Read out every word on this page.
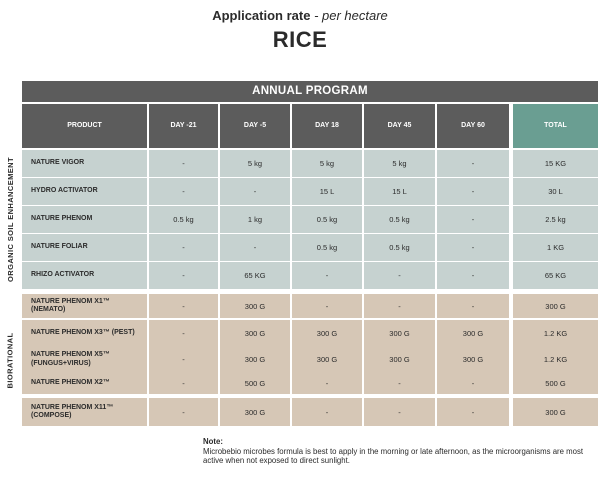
Application rate - per hectare
RICE
ANNUAL PROGRAM
PRODUCT	DAY -21	DAY -5	DAY 18	DAY 45	DAY 60	TOTAL
ORGANIC SOIL ENHANCEMENT NATURE VIGOR	-	5 kg	5 kg	5 kg	-	15 KG
HYDRO ACTIVATOR	-	-	15 L	15 L	-	30 L
NATURE PHENOM	0.5 kg	1 kg	0.5 kg	0.5 kg	-	2.5 kg
NATURE FOLIAR	-	-	0.5 kg	0.5 kg	-	1 KG
RHIZO ACTIVATOR	-	65 KG	-	-	-	65 KG
BIORATIONAL
NATURE PHENOM X1™
(NEMATO)	-	300 G	-	-	-	300 G
NATURE PHENOM X3™ (PEST)	-	300 G	300 G	300 G	300 G	1.2 KG
NATURE PHENOM X5™
(FUNGUS+VIRUS)	-	300 G	300 G	300 G	300 G	1.2 KG
NATURE PHENOM X2™	-	500 G	-	-	-	500 G
NATURE PHENOM X11™
(COMPOSE)	-	300 G	-	-	-	300 G
Note:
Microbebio microbes formula is best to apply in the morning or late afternoon, as the microorganisms are most active when not exposed to direct sunlight.
